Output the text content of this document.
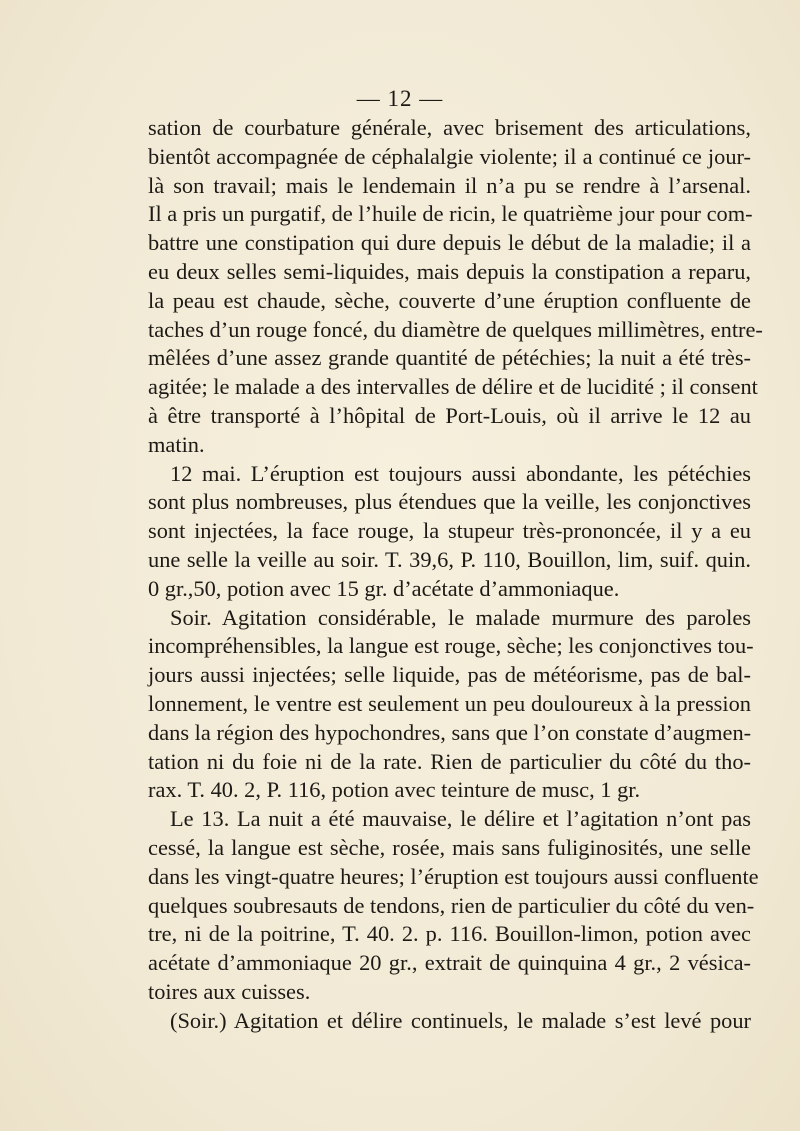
— 12 —

sation de courbature générale, avec brisement des articulations,
bientôt accompagnée de céphalalgie violente; il a continué ce jour-
là son travail; mais le lendemain il n’a pu se rendre à l’arsenal.
Il a pris un purgatif, de l’huile de ricin, le quatrième jour pour com-
battre une constipation qui dure depuis le début de la maladie; il a
eu deux selles semi-liquides, mais depuis la constipation a reparu,
la peau est chaude, sèche, couverte d’une éruption confluente de
taches d’un rouge foncé, du diamètre de quelques millimètres, entre-
mêlées d’une assez grande quantité de pétéchies; la nuit a été très-
agitée; le malade a des intervalles de délire et de lucidité ; il consent
à être transporté à l’hôpital de Port-Louis, où il arrive le 12 au
matin.

12 mai. L’éruption est toujours aussi abondante, les pétéchies
sont plus nombreuses, plus étendues que la veille, les conjonctives
sont injectées, la face rouge, la stupeur très-prononcée, il y a eu
une selle la veille au soir. T. 39,6, P. 110, Bouillon, lim, suif. quin.
0 gr.,50, potion avec 15 gr. d’acétate d’ammoniaque.

Soir. Agitation considérable, le malade murmure des paroles
incompréhensibles, la langue est rouge, sèche; les conjonctives tou-
jours aussi injectées; selle liquide, pas de météorisme, pas de bal-
lonnement, le ventre est seulement un peu douloureux à la pression
dans la région des hypochondres, sans que l’on constate d’augmen-
tation ni du foie ni de la rate. Rien de particulier du côté du tho-
rax. T. 40. 2, P. 116, potion avec teinture de musc, 1 gr.

Le 13. La nuit a été mauvaise, le délire et l’agitation n’ont pas
cessé, la langue est sèche, rosée, mais sans fuliginosités, une selle
dans les vingt-quatre heures; l’éruption est toujours aussi confluente
quelques soubresauts de tendons, rien de particulier du côté du ven-
tre, ni de la poitrine, T. 40. 2. p. 116. Bouillon-limon, potion avec
acétate d’ammoniaque 20 gr., extrait de quinquina 4 gr., 2 vésica-
toires aux cuisses.

(Soir.) Agitation et délire continuels, le malade s’est levé pour
